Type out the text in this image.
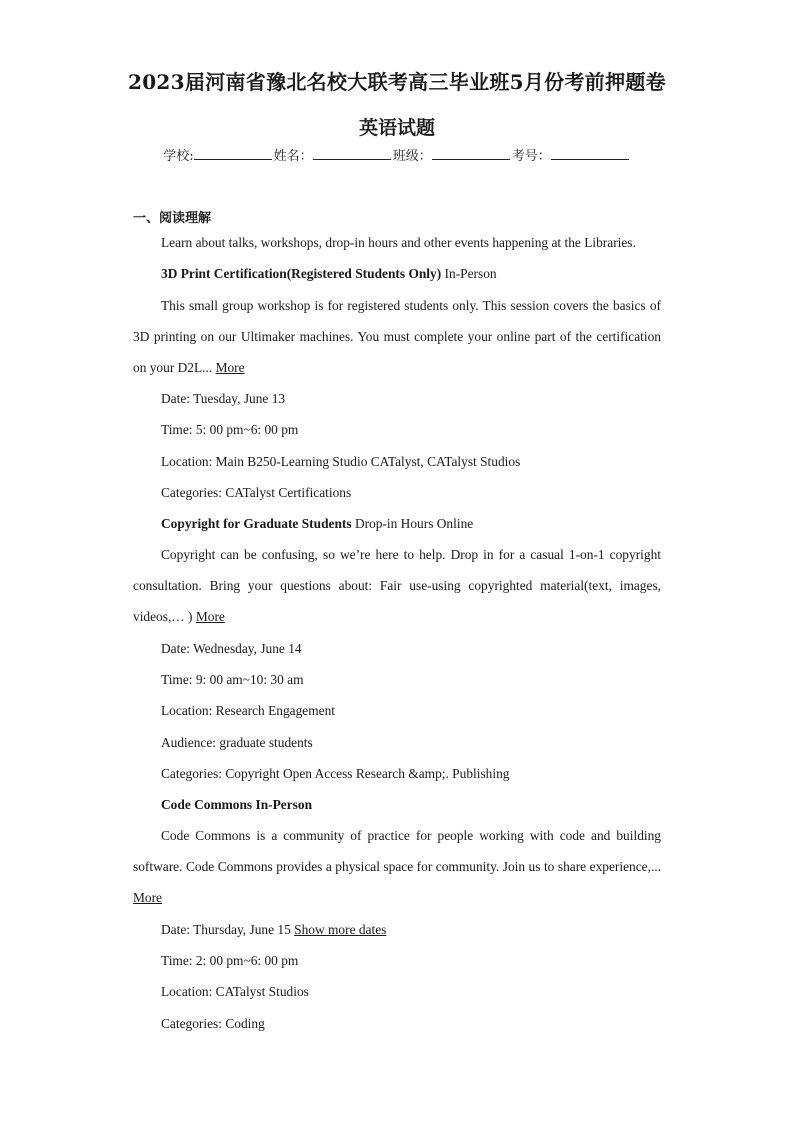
2023届河南省豫北名校大联考高三毕业班5月份考前押题卷
英语试题
学校:	姓名：	班级：	考号：
一、阅读理解

Learn about talks, workshops, drop-in hours and other events happening at the Libraries.

3D Print Certification(Registered Students Only) In-Person

This small group workshop is for registered students only. This session covers the basics of 3D printing on our Ultimaker machines. You must complete your online part of the certification on your D2L... More

Date: Tuesday, June 13

Time: 5: 00 pm~6: 00 pm

Location: Main B250-Learning Studio CATalyst, CATalyst Studios

Categories: CATalyst Certifications

Copyright for Graduate Students Drop-in Hours Online

Copyright can be confusing, so we’re here to help. Drop in for a casual 1-on-1 copyright consultation. Bring your questions about: Fair use-using copyrighted material(text, images, videos,… ) More

Date: Wednesday, June 14

Time: 9: 00 am~10: 30 am

Location: Research Engagement

Audience: graduate students

Categories: Copyright Open Access Research &amp;. Publishing

Code Commons In-Person

Code Commons is a community of practice for people working with code and building software. Code Commons provides a physical space for community. Join us to share experience,... More

Date: Thursday, June 15 Show more dates

Time: 2: 00 pm~6: 00 pm

Location: CATalyst Studios

Categories: Coding
